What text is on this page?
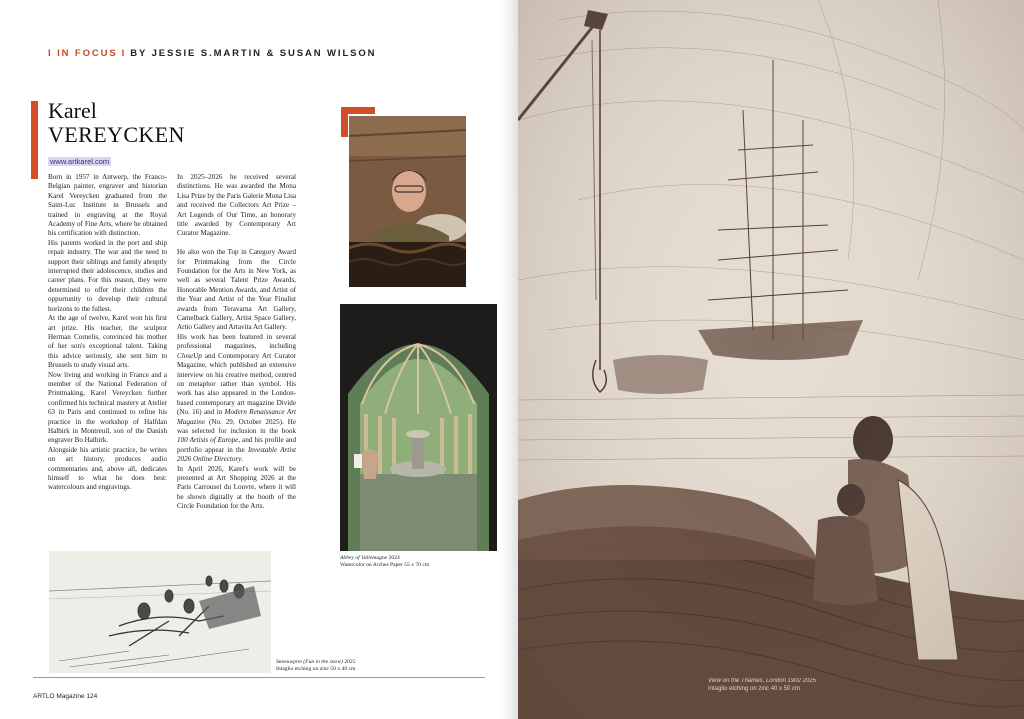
I IN FOCUS I BY JESSIE S.MARTIN & SUSAN WILSON
Karel
VEREYCKEN
www.artkarel.com

Born in 1957 in Antwerp, the Franco-Belgian painter, engraver and historian Karel Vereycken graduated from the Saint-Luc Institute in Brussels and trained in engraving at the Royal Academy of Fine Arts, where he obtained his certification with distinction.

His parents worked in the port and ship repair industry. The war and the need to support their siblings and family abruptly interrupted their adolescence, studies and career plans. For this reason, they were determined to offer their children the opportunity to develop their cultural horizons to the fullest.

At the age of twelve, Karel won his first art prize. His teacher, the sculptor Herman Cornelis, convinced his mother of her son's exceptional talent. Taking this advice seriously, she sent him to Brussels to study visual arts.

Now living and working in France and a member of the National Federation of Printmaking, Karel Vereycken further confirmed his technical mastery at Atelier 63 in Paris and continued to refine his practice in the workshop of Halfdan Halbirk in Montreuil, son of the Danish engraver Bo Halbirk.

Alongside his artistic practice, he writes on art history, produces audio commentaries and, above all, dedicates himself to what he does best: watercolours and engravings.

In 2025–2026 he received several distinctions. He was awarded the Mona Lisa Prize by the Paris Galerie Mona Lisa and received the Collectors Art Prize – Art Legends of Our Time, an honorary title awarded by Contemporary Art Curator Magazine.

He also won the Top in Category Award for Printmaking from the Circle Foundation for the Arts in New York, as well as several Talent Prize Awards, Honorable Mention Awards, and Artist of the Year and Artist of the Year Finalist awards from Teravarna Art Gallery, Camelback Gallery, Artist Space Gallery, Artio Gallery and Artavita Art Gallery.

His work has been featured in several professional magazines, including CloseUp and Contemporary Art Curator Magazine, which published an extensive interview on his creative method, centred on metaphor rather than symbol. His work has also appeared in the London-based contemporary art magazine Divide (No. 16) and in Modern Renaissance Art Magazine (No. 29, October 2025). He was selected for inclusion in the book 100 Artists of Europe, and his profile and portfolio appear in the Investable Artist 2026 Online Directory.

In April 2026, Karel's work will be presented at Art Shopping 2026 at the Paris Carrousel du Louvre, where it will be shown digitally at the booth of the Circle Foundation for the Arts.

Abbey of Vallemagne 2024
Watercolor on Arches Paper 55 x 70 cm
Sneeuwpret (Fun in the snow) 2025
Intaglio etching on zinc 50 x 40 cm
ARTLO Magazine 124
View on the Thames, London 1902 2025
Intaglio etching on zinc 40 x 50 cm
